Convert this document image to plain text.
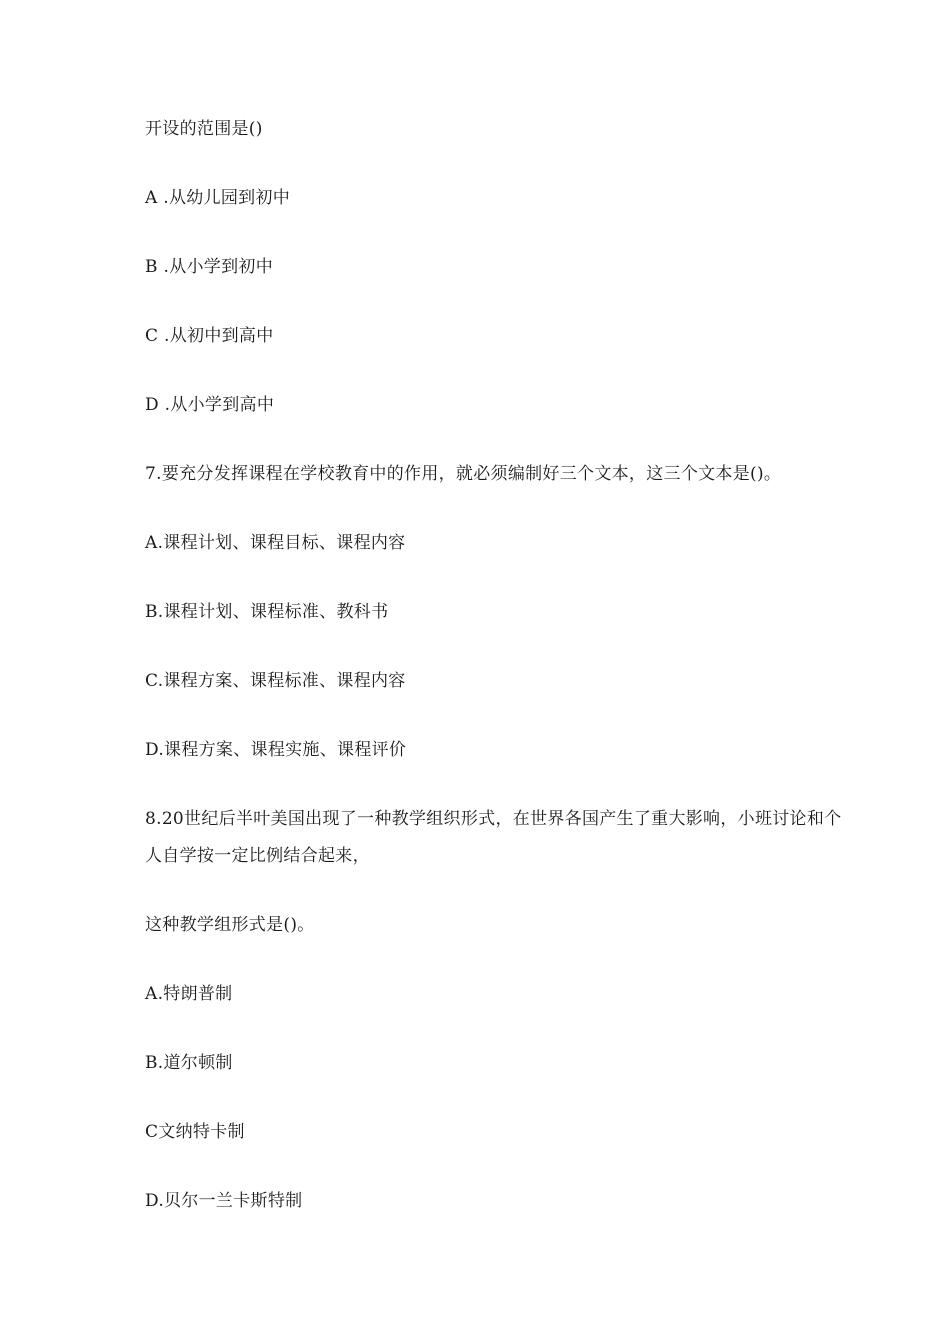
开设的范围是()
A .从幼儿园到初中
B .从小学到初中
C .从初中到高中
D .从小学到高中
7.要充分发挥课程在学校教育中的作用，就必须编制好三个文本，这三个文本是()。
A.课程计划、课程目标、课程内容
B.课程计划、课程标准、教科书
C.课程方案、课程标准、课程内容
D.课程方案、课程实施、课程评价
8.20世纪后半叶美国出现了一种教学组织形式，在世界各国产生了重大影响，小班讨论和个
人自学按一定比例结合起来，
这种教学组形式是()。
A.特朗普制
B.道尔顿制
C文纳特卡制
D.贝尔一兰卡斯特制
